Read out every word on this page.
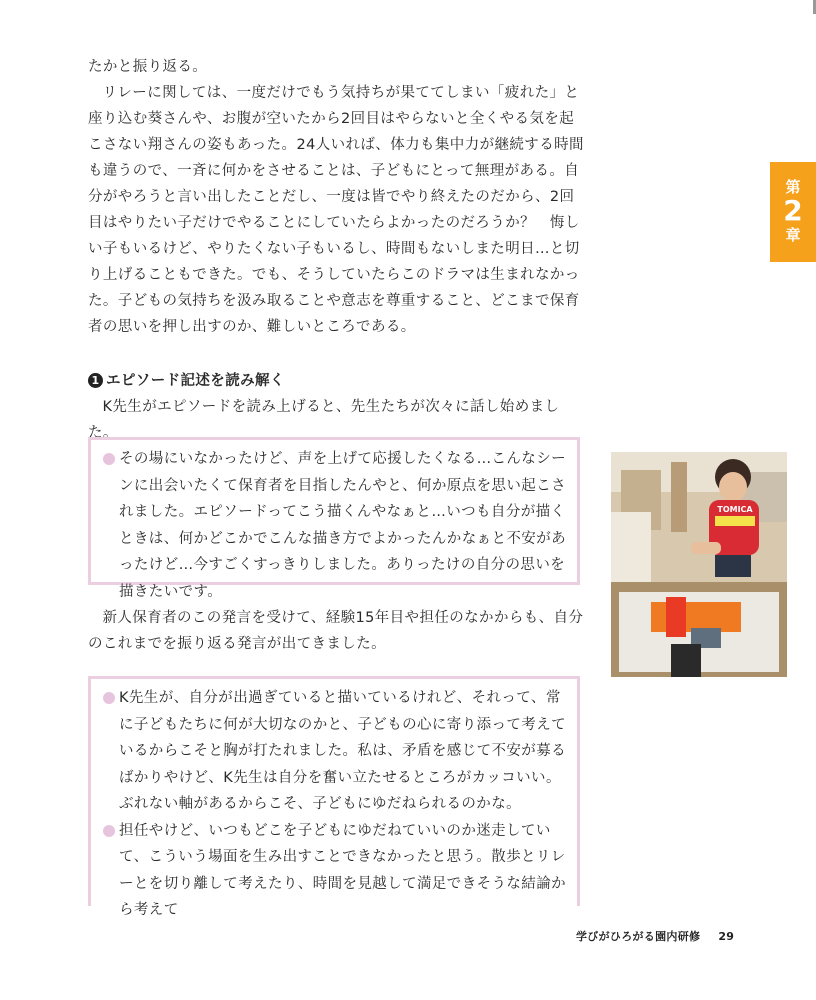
たかと振り返る。

リレーに関しては、一度だけでもう気持ちが果ててしまい「疲れた」と座り込む葵さんや、お腹が空いたから2回目はやらないと全くやる気を起こさない翔さんの姿もあった。24人いれば、体力も集中力が継続する時間も違うので、一斉に何かをさせることは、子どもにとって無理がある。自分がやろうと言い出したことだし、一度は皆でやり終えたのだから、2回目はやりたい子だけでやることにしていたらよかったのだろうか？　悔しい子もいるけど、やりたくない子もいるし、時間もないしまた明日…と切り上げることもできた。でも、そうしていたらこのドラマは生まれなかった。子どもの気持ちを汲み取ることや意志を尊重すること、どこまで保育者の思いを押し出すのか、難しいところである。

第
2
章
1 エピソード記述を読み解く

K先生がエピソードを読み上げると、先生たちが次々に話し始めました。

その場にいなかったけど、声を上げて応援したくなる…こんなシーンに出会いたくて保育者を目指したんやと、何か原点を思い起こされました。エピソードってこう描くんやなぁと…いつも自分が描くときは、何かどこかでこんな描き方でよかったんかなぁと不安があったけど…今すごくすっきりしました。ありったけの自分の思いを描きたいです。

新人保育者のこの発言を受けて、経験15年目や担任のなかからも、自分のこれまでを振り返る発言が出てきました。

K先生が、自分が出過ぎていると描いているけれど、それって、常に子どもたちに何が大切なのかと、子どもの心に寄り添って考えているからこそと胸が打たれました。私は、矛盾を感じて不安が募るばかりやけど、K先生は自分を奮い立たせるところがカッコいい。ぶれない軸があるからこそ、子どもにゆだねられるのかな。
担任やけど、いつもどこを子どもにゆだねていいのか迷走していて、こういう場面を生み出すことできなかったと思う。散歩とリレーとを切り離して考えたり、時間を見越して満足できそうな結論から考えて
TOMICA
学びがひろがる園内研修 29
